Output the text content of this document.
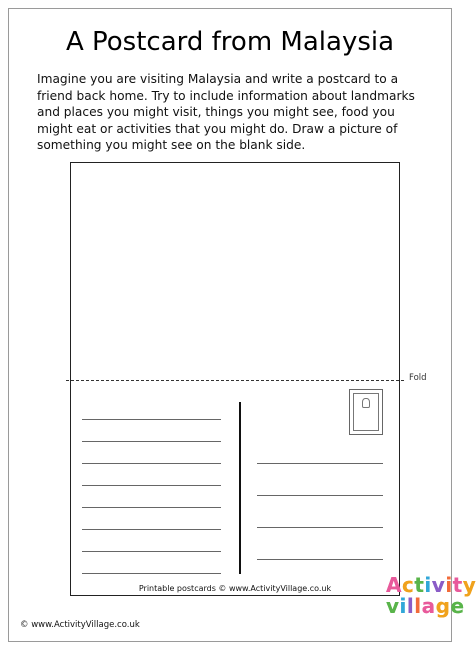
A Postcard from Malaysia
Imagine you are visiting Malaysia and write a postcard to a friend back home. Try to include information about landmarks and places you might visit, things you might see, food you might eat or activities that you might do. Draw a picture of something you might see on the blank side.
Fold
Printable postcards © www.ActivityVillage.co.uk
© www.ActivityVillage.co.uk
Activity
village
